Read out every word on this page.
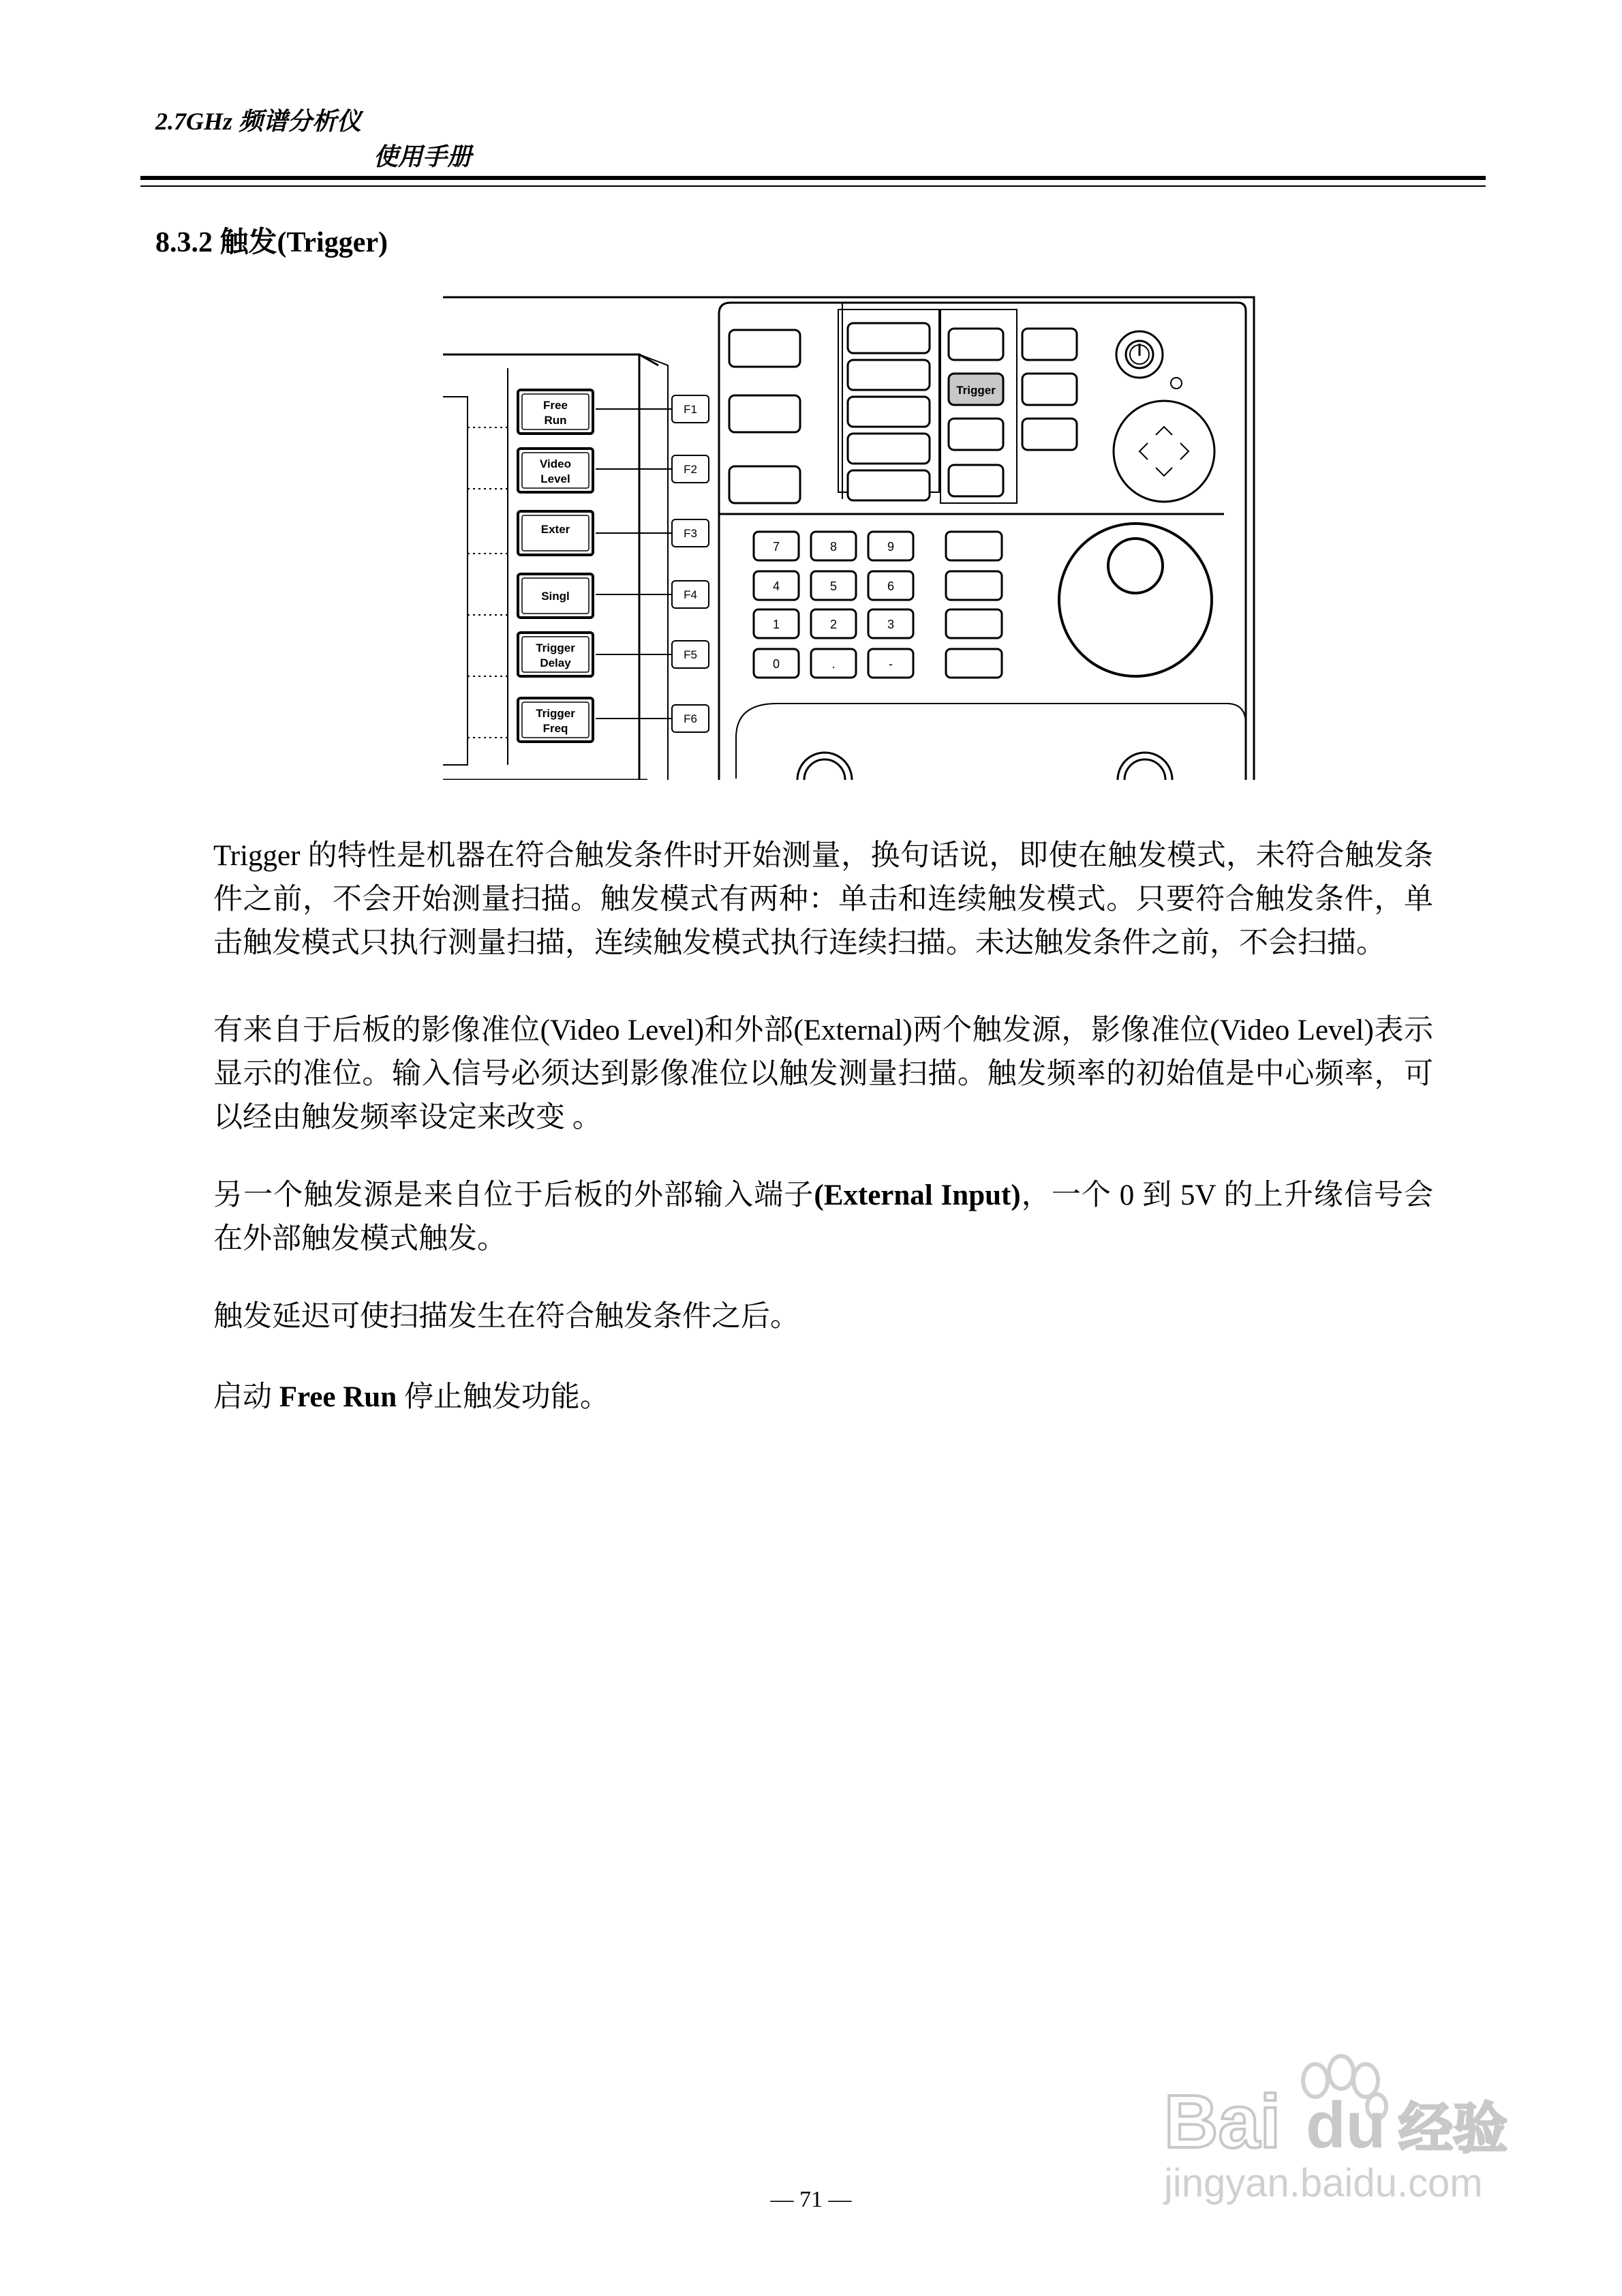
2.7GHz 频谱分析仪
使用手册
8.3.2 触发(Trigger)
Free
Run
Video
Level
Exter
Singl
Trigger
Delay
Trigger
Freq
F1
F2
F3
F4
F5
F6
Trigger
7	8	9
4	5	6
1	2	3
0	.	-
Trigger 的特性是机器在符合触发条件时开始测量，换句话说，即使在触发模式，未符合触发条件之前，不会开始测量扫描。触发模式有两种：单击和连续触发模式。只要符合触发条件，单击触发模式只执行测量扫描，连续触发模式执行连续扫描。未达触发条件之前，不会扫描。
有来自于后板的影像准位(Video Level)和外部(External)两个触发源，影像准位(Video Level)表示显示的准位。输入信号必须达到影像准位以触发测量扫描。触发频率的初始值是中心频率，可以经由触发频率设定来改变 。
另一个触发源是来自位于后板的外部输入端子(External Input)，一个 0 到 5V 的上升缘信号会在外部触发模式触发。
触发延迟可使扫描发生在符合触发条件之后。
启动 Free Run 停止触发功能。
Bai du 经验
jingyan.baidu.com
— 71 —
